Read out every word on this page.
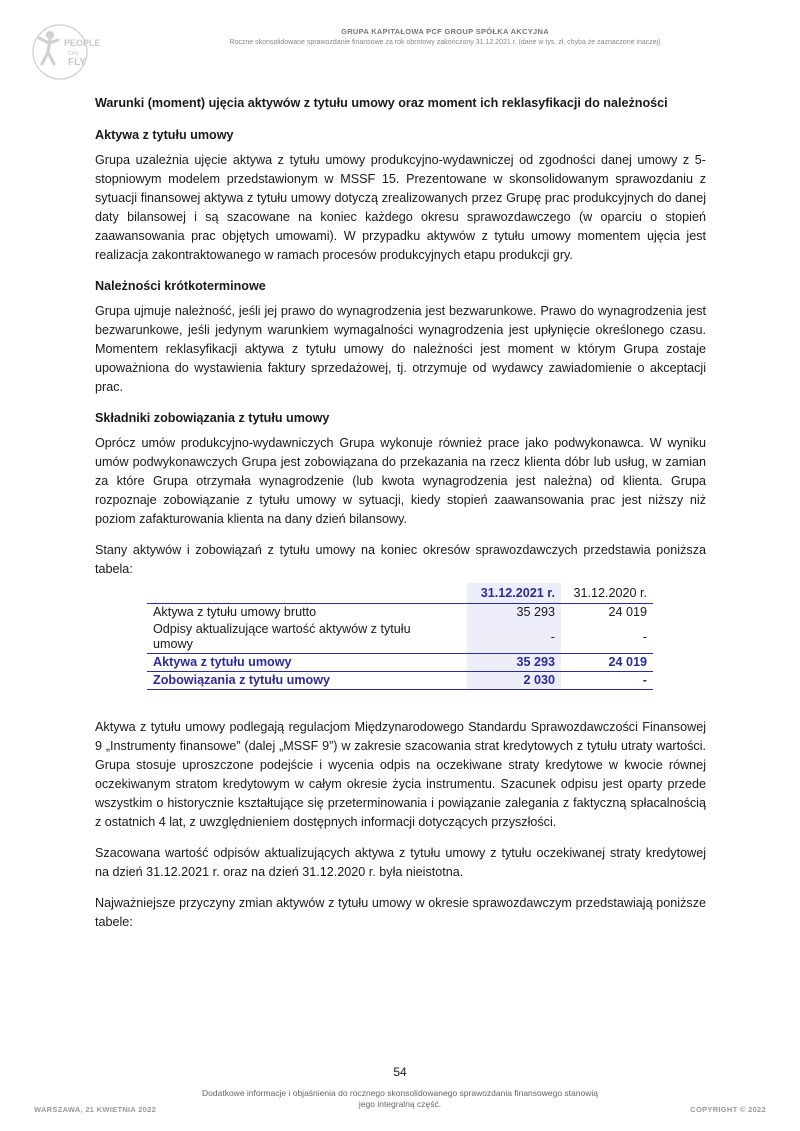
PEOPLE
CAN
FLY
GRUPA KAPITAŁOWA PCF GROUP SPÓŁKA AKCYJNA
Roczne skonsolidowane sprawozdanie finansowe za rok obrotowy zakończony 31.12.2021 r. (dane w tys. zł, chyba że zaznaczone inaczej)
Warunki (moment) ujęcia aktywów z tytułu umowy oraz moment ich reklasyfikacji do należności
Aktywa z tytułu umowy

Grupa uzależnia ujęcie aktywa z tytułu umowy produkcyjno-wydawniczej od zgodności danej umowy z 5-stopniowym modelem przedstawionym w MSSF 15. Prezentowane w skonsolidowanym sprawozdaniu z sytuacji finansowej aktywa z tytułu umowy dotyczą zrealizowanych przez Grupę prac produkcyjnych do danej daty bilansowej i są szacowane na koniec każdego okresu sprawozdawczego (w oparciu o stopień zaawansowania prac objętych umowami). W przypadku aktywów z tytułu umowy momentem ujęcia jest realizacja zakontraktowanego w ramach procesów produkcyjnych etapu produkcji gry.

Należności krótkoterminowe

Grupa ujmuje należność, jeśli jej prawo do wynagrodzenia jest bezwarunkowe. Prawo do wynagrodzenia jest bezwarunkowe, jeśli jedynym warunkiem wymagalności wynagrodzenia jest upłynięcie określonego czasu. Momentem reklasyfikacji aktywa z tytułu umowy do należności jest moment w którym Grupa zostaje upoważniona do wystawienia faktury sprzedażowej, tj. otrzymuje od wydawcy zawiadomienie o akceptacji prac.

Składniki zobowiązania z tytułu umowy

Oprócz umów produkcyjno-wydawniczych Grupa wykonuje również prace jako podwykonawca. W wyniku umów podwykonawczych Grupa jest zobowiązana do przekazania na rzecz klienta dóbr lub usług, w zamian za które Grupa otrzymała wynagrodzenie (lub kwota wynagrodzenia jest należna) od klienta. Grupa rozpoznaje zobowiązanie z tytułu umowy w sytuacji, kiedy stopień zaawansowania prac jest niższy niż poziom zafakturowania klienta na dany dzień bilansowy.

Stany aktywów i zobowiązań z tytułu umowy na koniec okresów sprawozdawczych przedstawia poniższa tabela:

	31.12.2021 r.	31.12.2020 r.
Aktywa z tytułu umowy brutto	35 293	24 019
Odpisy aktualizujące wartość aktywów z tytułu umowy	-	-
Aktywa z tytułu umowy	35 293	24 019
Zobowiązania z tytułu umowy	2 030	-

Aktywa z tytułu umowy podlegają regulacjom Międzynarodowego Standardu Sprawozdawczości Finansowej 9 „Instrumenty finansowe” (dalej „MSSF 9”) w zakresie szacowania strat kredytowych z tytułu utraty wartości. Grupa stosuje uproszczone podejście i wycenia odpis na oczekiwane straty kredytowe w kwocie równej oczekiwanym stratom kredytowym w całym okresie życia instrumentu. Szacunek odpisu jest oparty przede wszystkim o historycznie kształtujące się przeterminowania i powiązanie zalegania z faktyczną spłacalnością z ostatnich 4 lat, z uwzględnieniem dostępnych informacji dotyczących przyszłości.

Szacowana wartość odpisów aktualizujących aktywa z tytułu umowy z tytułu oczekiwanej straty kredytowej na dzień 31.12.2021 r. oraz na dzień 31.12.2020 r. była nieistotna.

Najważniejsze przyczyny zmian aktywów z tytułu umowy w okresie sprawozdawczym przedstawiają poniższe tabele:

54
Dodatkowe informacje i objaśnienia do rocznego skonsolidowanego sprawozdania finansowego stanowią jego integralną część.
WARSZAWA, 21 KWIETNIA 2022	COPYRIGHT © 2022
